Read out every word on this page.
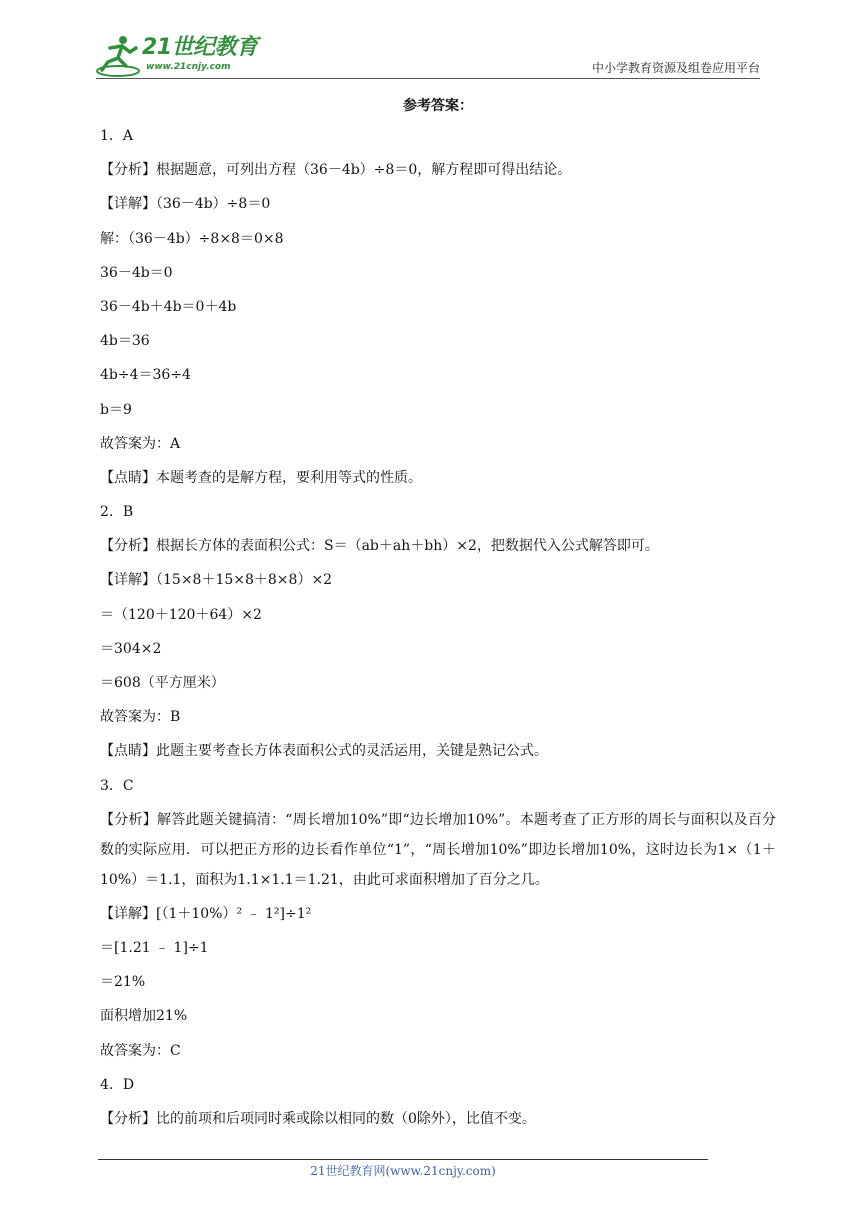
21世纪教育
www.21cnjy.com	中小学教育资源及组卷应用平台
参考答案：
1．A
【分析】根据题意，可列出方程（36－4b）÷8＝0，解方程即可得出结论。
【详解】（36－4b）÷8＝0
解：（36－4b）÷8×8＝0×8
36－4b＝0
36－4b＋4b＝0＋4b
4b＝36
4b÷4＝36÷4
b＝9
故答案为：A
【点睛】本题考查的是解方程，要利用等式的性质。
2．B
【分析】根据长方体的表面积公式：S＝（ab＋ah＋bh）×2，把数据代入公式解答即可。
【详解】（15×8＋15×8＋8×8）×2
＝（120＋120＋64）×2
＝304×2
＝608（平方厘米）
故答案为：B
【点睛】此题主要考查长方体表面积公式的灵活运用，关键是熟记公式。
3．C
【分析】解答此题关键搞清：“周长增加10%”即“边长增加10%”。本题考查了正方形的周长与面积以及百分数的实际应用．可以把正方形的边长看作单位“1”，“周长增加10%”即边长增加10%，这时边长为1×（1＋10%）＝1.1，面积为1.1×1.1＝1.21，由此可求面积增加了百分之几。
【详解】[（1＋10%）² ﹣ 1²]÷1²
＝[1.21 ﹣ 1]÷1
＝21%
面积增加21%
故答案为：C
4．D
【分析】比的前项和后项同时乘或除以相同的数（0除外），比值不变。
21世纪教育网(www.21cnjy.com)
